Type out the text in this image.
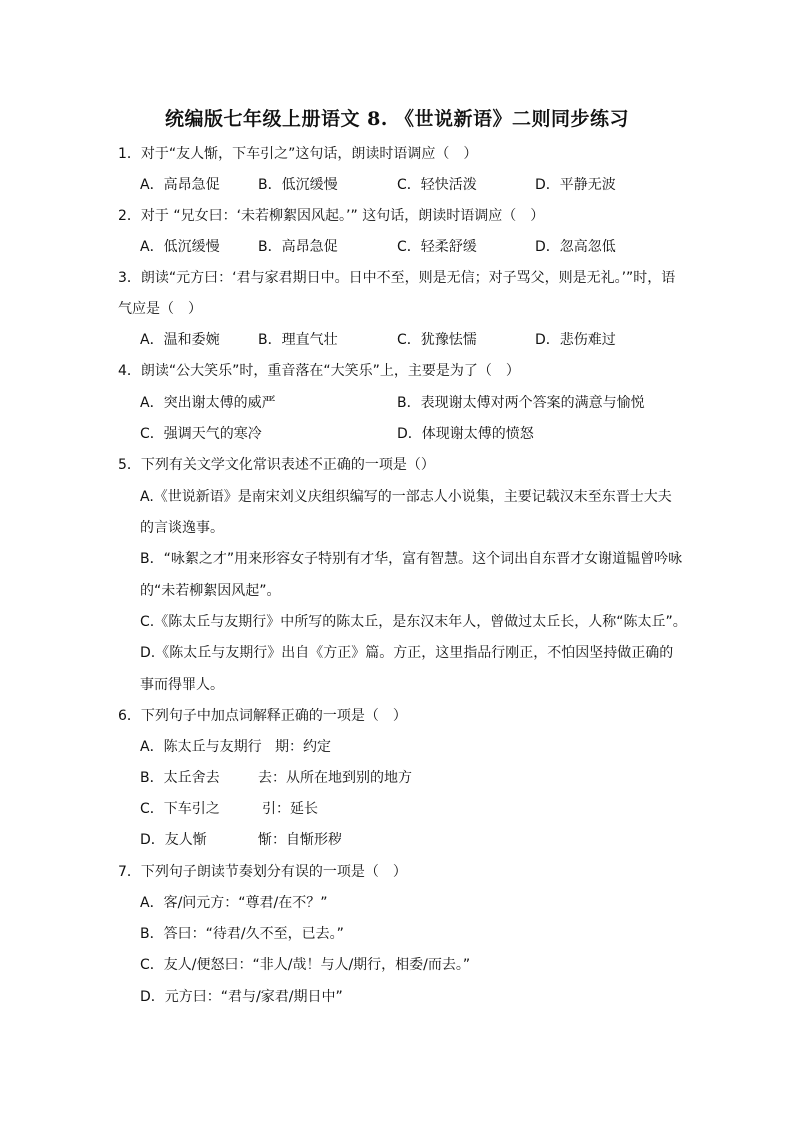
统编版七年级上册语文 8. 《世说新语》二则同步练习
1．对于“友人惭，下车引之”这句话，朗读时语调应（　）
A．高昂急促	B．低沉缓慢	C．轻快活泼	D．平静无波
2．对于 “兄女曰：‘未若柳絮因风起。’” 这句话，朗读时语调应（　）
A．低沉缓慢	B．高昂急促	C．轻柔舒缓	D．忽高忽低
3．朗读“元方曰：‘君与家君期日中。日中不至，则是无信；对子骂父，则是无礼。’”时，语
气应是（　）
A．温和委婉	B．理直气壮	C．犹豫怯懦	D．悲伤难过
4．朗读“公大笑乐”时，重音落在“大笑乐”上，主要是为了（　）
A．突出谢太傅的威严	B．表现谢太傅对两个答案的满意与愉悦
C．强调天气的寒冷	D．体现谢太傅的愤怒
5．下列有关文学文化常识表述不正确的一项是（）
A.《世说新语》是南宋刘义庆组织编写的一部志人小说集，主要记载汉末至东晋士大夫
的言谈逸事。
B．“咏絮之才”用来形容女子特别有才华，富有智慧。这个词出自东晋才女谢道韫曾吟咏
的“未若柳絮因风起”。
C.《陈太丘与友期行》中所写的陈太丘，是东汉末年人，曾做过太丘长，人称“陈太丘”。
D.《陈太丘与友期行》出自《方正》篇。方正，这里指品行刚正，不怕因坚持做正确的
事而得罪人。
6．下列句子中加点词解释正确的一项是（　）
A．陈太丘与友期行 期：约定
B．太丘舍去	去：从所在地到别的地方
C．下车引之	引：延长
D．友人惭	惭：自惭形秽
7．下列句子朗读节奏划分有误的一项是（　）
A．客/问元方：“尊君/在不？”
B．答曰：“待君/久不至，已去。”
C．友人/便怒曰：“非人/哉！与人/期行，相委/而去。”
D．元方曰：“君与/家君/期日中”
